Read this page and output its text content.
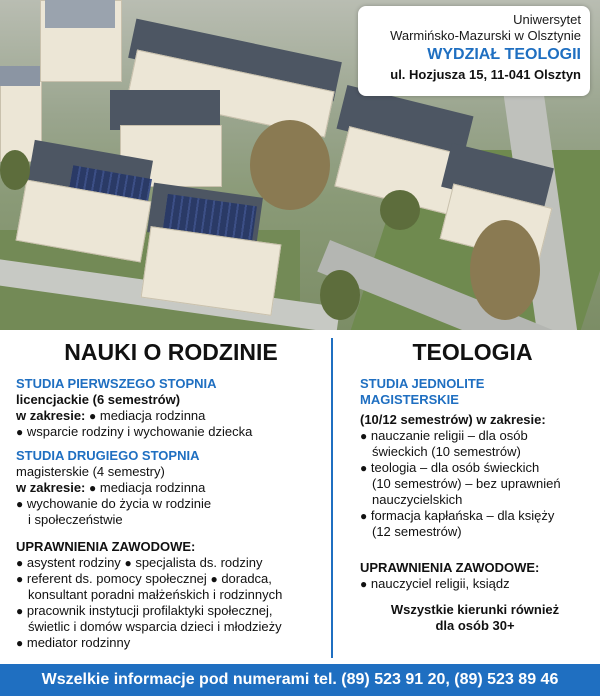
Uniwersytet
Warmińsko-Mazurski w Olsztynie
WYDZIAŁ TEOLOGII
ul. Hozjusza 15, 11-041 Olsztyn
NAUKI O RODZINIE
STUDIA PIERWSZEGO STOPNIA
licencjackie (6 semestrów)
w zakresie: ● mediacja rodzinna
● wsparcie rodziny i wychowanie dziecka
STUDIA DRUGIEGO STOPNIA
magisterskie (4 semestry)
w zakresie: ● mediacja rodzinna
● wychowanie do życia w rodzinie
i społeczeństwie
UPRAWNIENIA ZAWODOWE:
● asystent rodziny ● specjalista ds. rodziny
● referent ds. pomocy społecznej ● doradca,
konsultant poradni małżeńskich i rodzinnych
● pracownik instytucji profilaktyki społecznej,
świetlic i domów wsparcia dzieci i młodzieży
● mediator rodzinny
TEOLOGIA
STUDIA JEDNOLITE
MAGISTERSKIE
(10/12 semestrów) w zakresie:
● nauczanie religii – dla osób
świeckich (10 semestrów)
● teologia – dla osób świeckich
(10 semestrów) – bez uprawnień
nauczycielskich
● formacja kapłańska – dla księży
(12 semestrów)
UPRAWNIENIA ZAWODOWE:
● nauczyciel religii, ksiądz
Wszystkie kierunki również
dla osób 30+
Wszelkie informacje pod numerami tel. (89) 523 91 20, (89) 523 89 46
